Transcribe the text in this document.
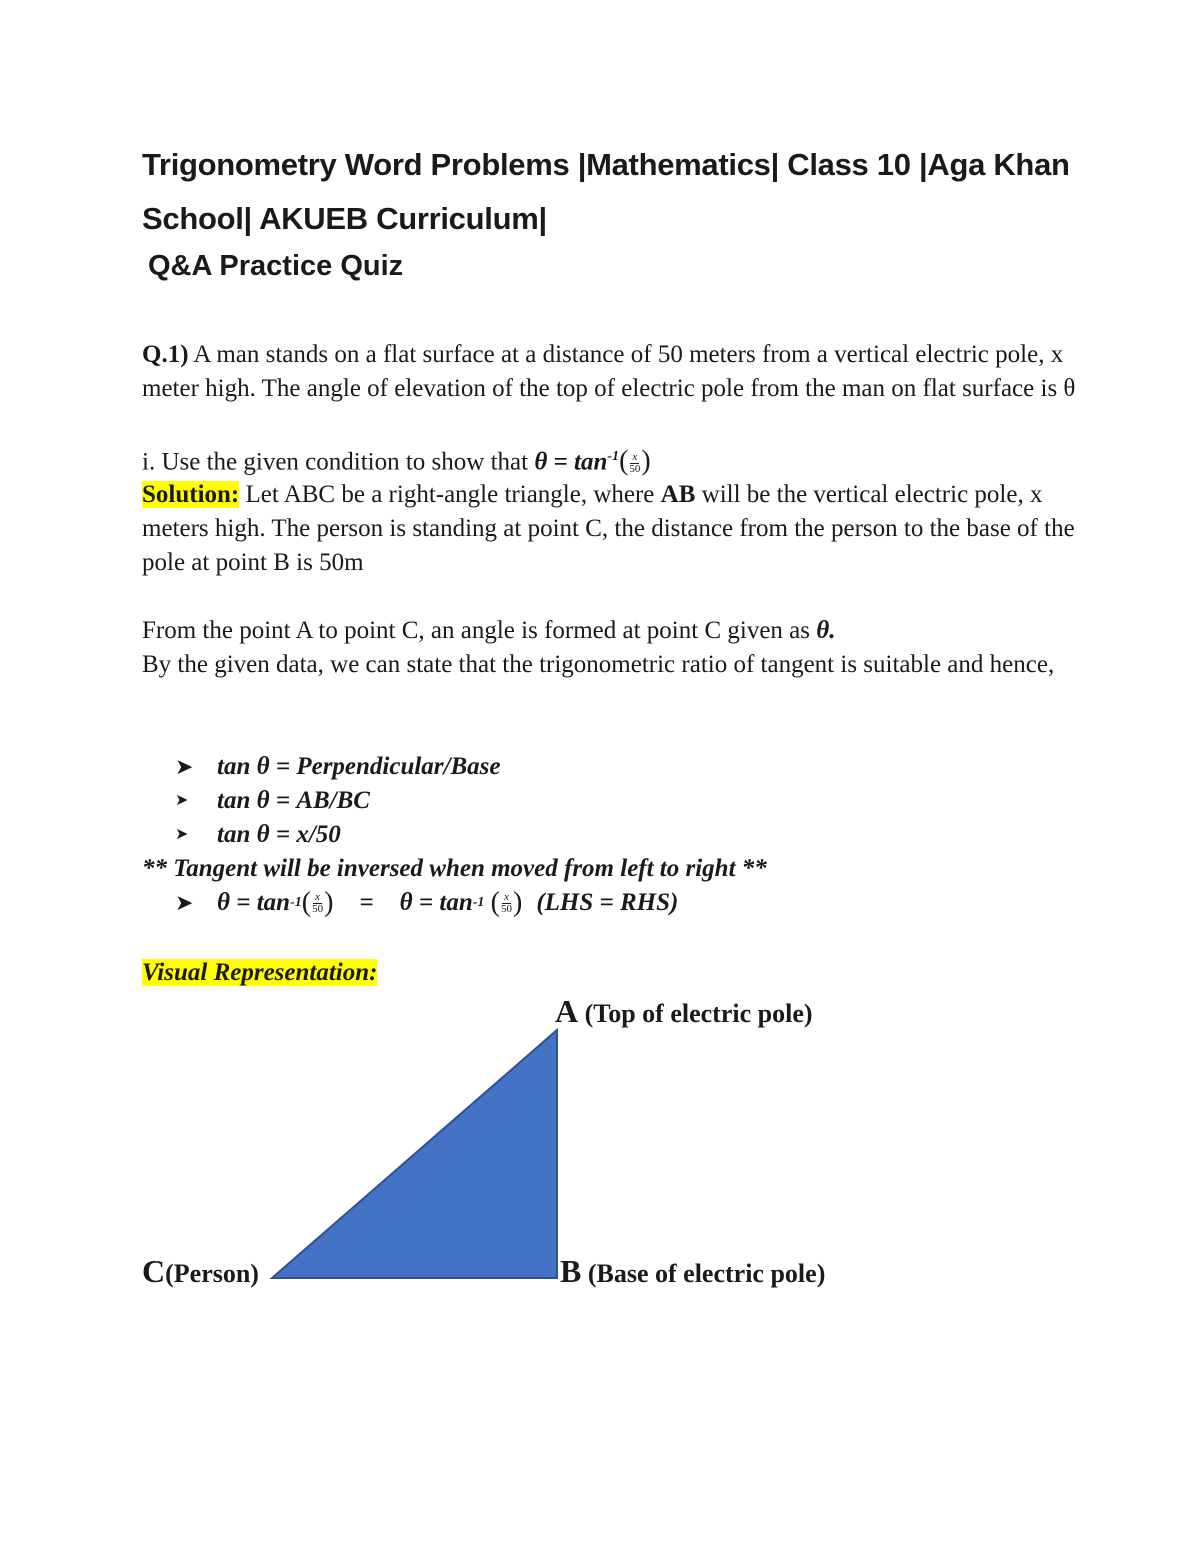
Trigonometry Word Problems |Mathematics| Class 10 |Aga Khan School| AKUEB Curriculum|
Q&A Practice Quiz
Q.1) A man stands on a flat surface at a distance of 50 meters from a vertical electric pole, x meter high. The angle of elevation of the top of electric pole from the man on flat surface is θ
i. Use the given condition to show that $\theta = \tan^{-1}( \frac{x}{50}$ )
Solution: Let ABC be a right-angle triangle, where AB will be the vertical electric pole, x meters high. The person is standing at point C, the distance from the person to the base of the pole at point B is 50m
From the point A to point C, an angle is formed at point C given as θ.
By the given data, we can state that the trigonometric ratio of tangent is suitable and hence,
➤ tan θ = Perpendicular/Base
➤	tan θ = AB/BC
➤	tan θ = x/50
** Tangent will be inversed when moved from left to right **
➤ θ = tan -1 ( $\frac{x}{50}$ ) = θ = tan -1
( $\frac{x}{50}$ ) (LHS = RHS)
Visual Representation:
A (Top of electric pole)
B (Base of electric pole)
C(Person)
